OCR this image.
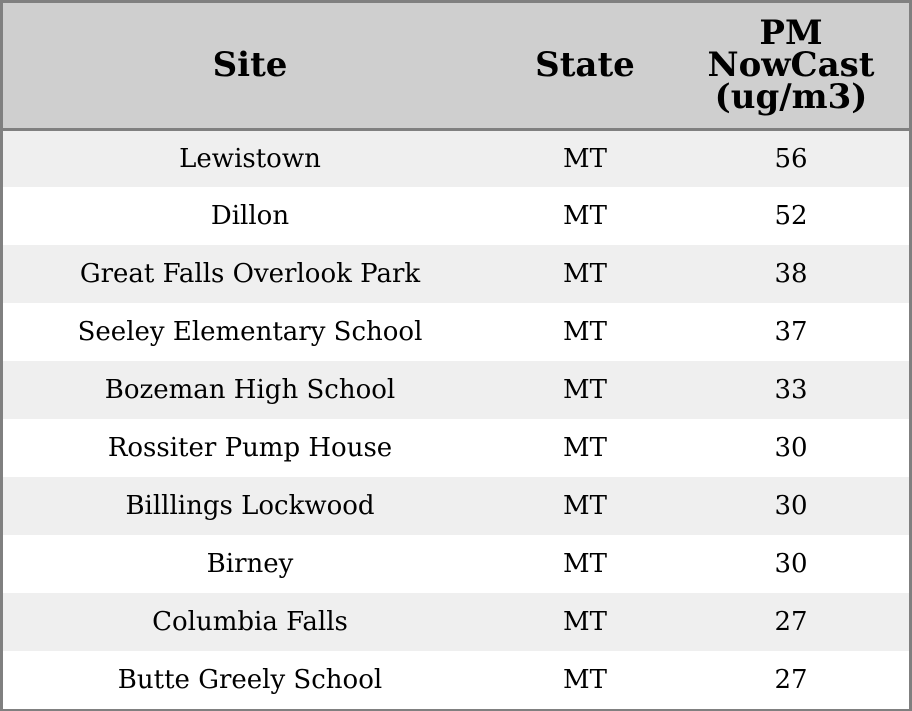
Site	State	PM
NowCast
(ug/m3)

Lewistown	MT	56
Dillon	MT	52
Great Falls Overlook Park	MT	38
Seeley Elementary School	MT	37
Bozeman High School	MT	33
Rossiter Pump House	MT	30
Billlings Lockwood	MT	30
Birney	MT	30
Columbia Falls	MT	27
Butte Greely School	MT	27
